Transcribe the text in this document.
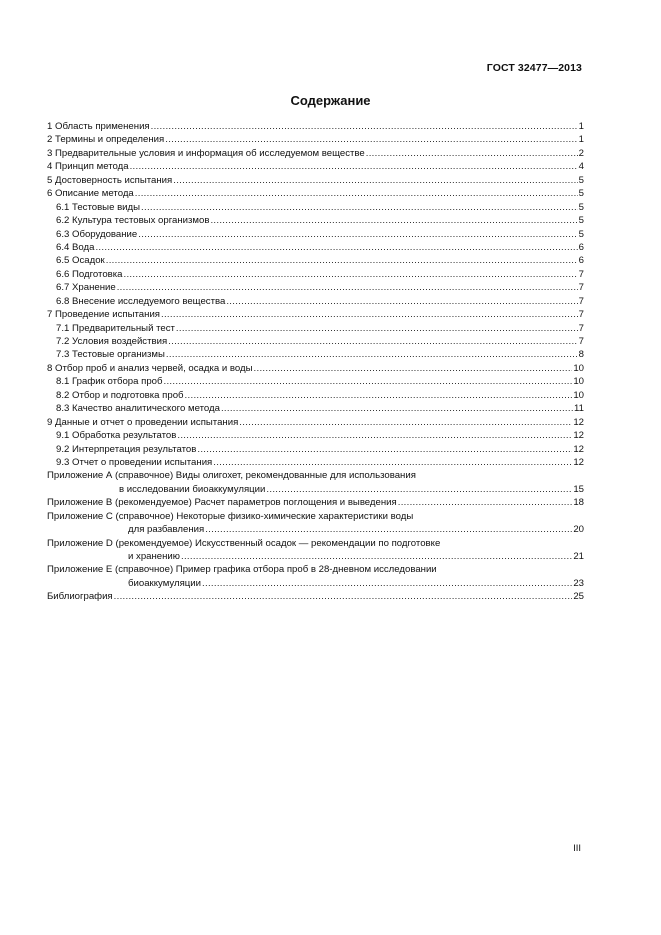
ГОСТ 32477—2013
Содержание
1 Область применения .....	1
2 Термины и определения .....	1
3 Предварительные условия и информация об исследуемом веществе .....	2
4 Принцип метода .....	4
5 Достоверность испытания .....	5
6 Описание метода .....	5
6.1 Тестовые виды .....	5
6.2 Культура тестовых организмов .....	5
6.3 Оборудование .....	5
6.4 Вода .....	6
6.5 Осадок .....	6
6.6 Подготовка .....	7
6.7 Хранение .....	7
6.8 Внесение исследуемого вещества .....	7
7 Проведение испытания .....	7
7.1 Предварительный тест .....	7
7.2 Условия воздействия .....	7
7.3 Тестовые организмы .....	8
8 Отбор проб и анализ червей, осадка и воды .....	10
8.1 График отбора проб .....	10
8.2 Отбор и подготовка проб .....	10
8.3 Качество аналитического метода .....	11
9 Данные и отчет о проведении испытания .....	12
9.1 Обработка результатов .....	12
9.2 Интерпретация результатов .....	12
9.3 Отчет о проведении испытания .....	12
Приложение А (справочное) Виды олигохет, рекомендованные для использования
в исследовании биоаккумуляции .....	15
Приложение В (рекомендуемое) Расчет параметров поглощения и выведения .....	18
Приложение С (справочное) Некоторые физико-химические характеристики воды
для разбавления .....	20
Приложение D (рекомендуемое) Искусственный осадок — рекомендации по подготовке
и хранению .....	21
Приложение Е (справочное) Пример графика отбора проб в 28-дневном исследовании
биоаккумуляции .....	23
Библиография .....	25
III
